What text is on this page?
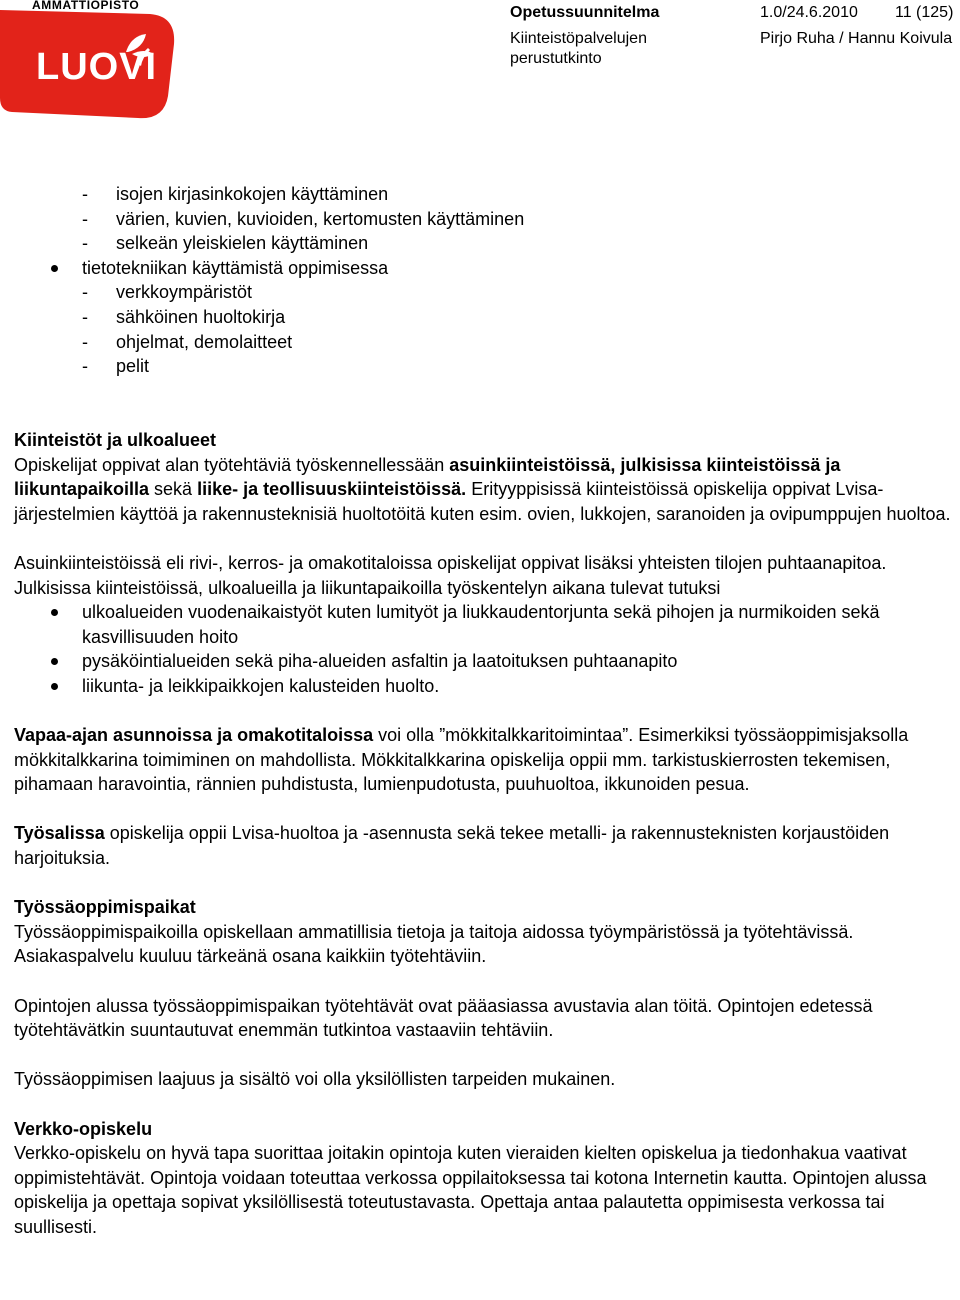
AMMATTIOPISTO
LUOVI
Opetussuunnitelma	1.0/24.6.2010 11 (125)
Kiinteistöpalvelujen perustutkinto
Pirjo Ruha / Hannu Koivula
- isojen kirjasinkokojen käyttäminen
- värien, kuvien, kuvioiden, kertomusten käyttäminen
- selkeän yleiskielen käyttäminen
tietotekniikan käyttämistä oppimisessa
- verkkoympäristöt
- sähköinen huoltokirja
- ohjelmat, demolaitteet
- pelit
Kiinteistöt ja ulkoalueet

Opiskelijat oppivat alan työtehtäviä työskennellessään asuinkiinteistöissä, julkisissa kiinteistöissä ja liikuntapaikoilla sekä liike- ja teollisuuskiinteistöissä. Erityyppisissä kiinteistöissä opiskelija oppivat Lvisa-järjestelmien käyttöä ja rakennusteknisiä huoltotöitä kuten esim. ovien, lukkojen, saranoiden ja ovipumppujen huoltoa.

Asuinkiinteistöissä eli rivi-, kerros- ja omakotitaloissa opiskelijat oppivat lisäksi yhteisten tilojen puhtaanapitoa. Julkisissa kiinteistöissä, ulkoalueilla ja liikuntapaikoilla työskentelyn aikana tulevat tutuksi

ulkoalueiden vuodenaikaistyöt kuten lumityöt ja liukkaudentorjunta sekä pihojen ja nurmikoiden sekä kasvillisuuden hoito
pysäköintialueiden sekä piha-alueiden asfaltin ja laatoituksen puhtaanapito
liikunta- ja leikkipaikkojen kalusteiden huolto.

Vapaa-ajan asunnoissa ja omakotitaloissa voi olla ”mökkitalkkaritoimintaa”. Esimerkiksi työssäoppimisjaksolla mökkitalkkarina toimiminen on mahdollista. Mökkitalkkarina opiskelija oppii mm. tarkistuskierrosten tekemisen, pihamaan haravointia, rännien puhdistusta, lumienpudotusta, puuhuoltoa, ikkunoiden pesua.

Työsalissa opiskelija oppii Lvisa-huoltoa ja -asennusta sekä tekee metalli- ja rakennusteknisten korjaustöiden harjoituksia.

Työssäoppimispaikat

Työssäoppimispaikoilla opiskellaan ammatillisia tietoja ja taitoja aidossa työympäristössä ja työtehtävissä. Asiakaspalvelu kuuluu tärkeänä osana kaikkiin työtehtäviin.

Opintojen alussa työssäoppimispaikan työtehtävät ovat pääasiassa avustavia alan töitä. Opintojen edetessä työtehtävätkin suuntautuvat enemmän tutkintoa vastaaviin tehtäviin.

Työssäoppimisen laajuus ja sisältö voi olla yksilöllisten tarpeiden mukainen.

Verkko-opiskelu

Verkko-opiskelu on hyvä tapa suorittaa joitakin opintoja kuten vieraiden kielten opiskelua ja tiedonhakua vaativat oppimistehtävät. Opintoja voidaan toteuttaa verkossa oppilaitoksessa tai kotona Internetin kautta. Opintojen alussa opiskelija ja opettaja sopivat yksilöllisestä toteutustavasta. Opettaja antaa palautetta oppimisesta verkossa tai suullisesti.
